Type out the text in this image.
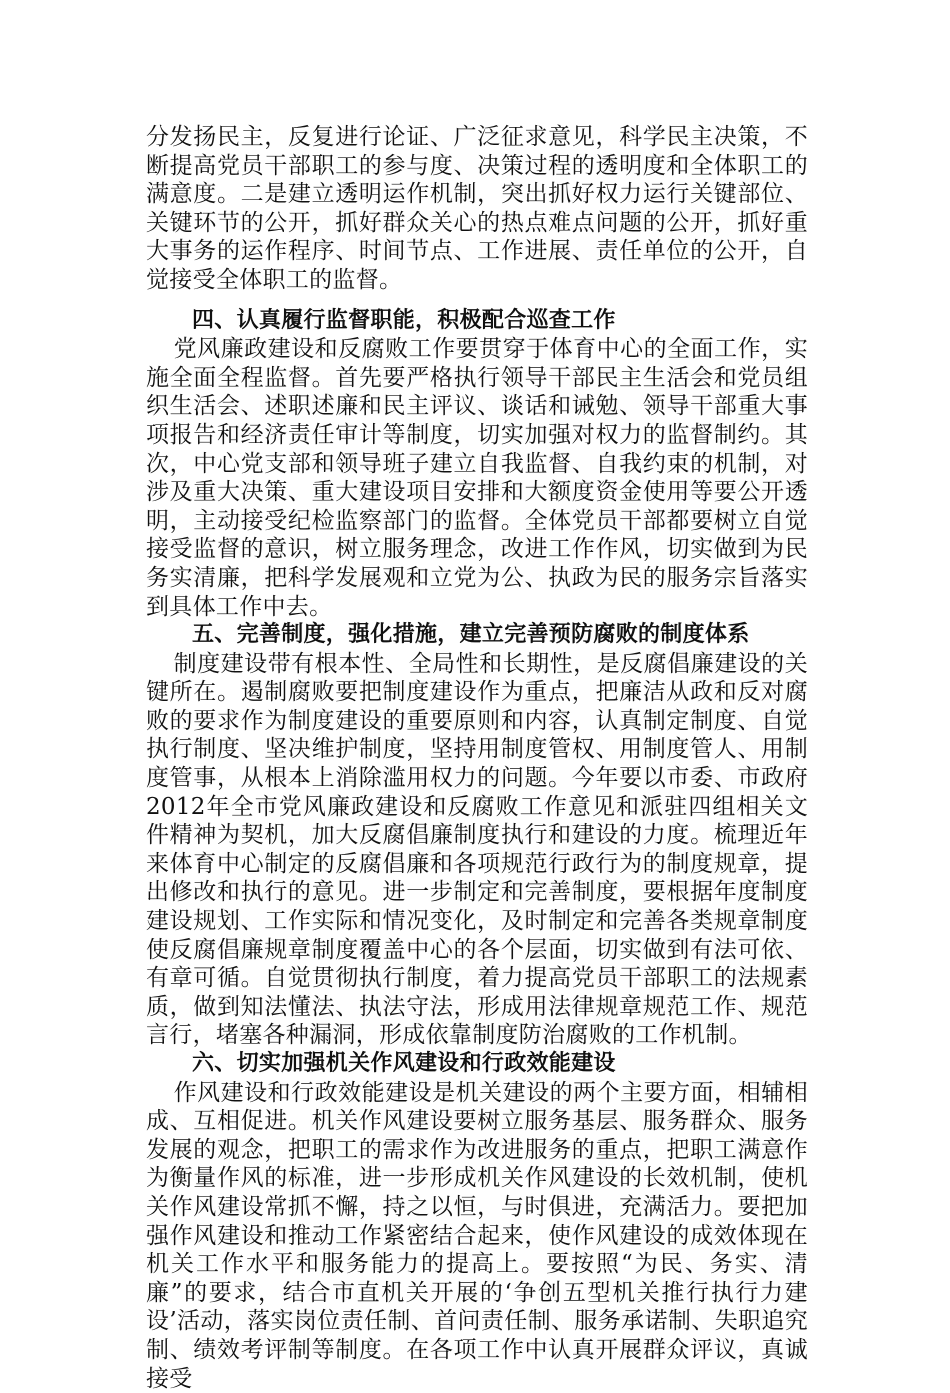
分发扬民主，反复进行论证、广泛征求意见，科学民主决策，不断提高党员干部职工的参与度、决策过程的透明度和全体职工的满意度。二是建立透明运作机制，突出抓好权力运行关键部位、关键环节的公开，抓好群众关心的热点难点问题的公开，抓好重大事务的运作程序、时间节点、工作进展、责任单位的公开，自觉接受全体职工的监督。

四、认真履行监督职能，积极配合巡查工作

党风廉政建设和反腐败工作要贯穿于体育中心的全面工作，实施全面全程监督。首先要严格执行领导干部民主生活会和党员组织生活会、述职述廉和民主评议、谈话和诫勉、领导干部重大事项报告和经济责任审计等制度，切实加强对权力的监督制约。其次，中心党支部和领导班子建立自我监督、自我约束的机制，对涉及重大决策、重大建设项目安排和大额度资金使用等要公开透明，主动接受纪检监察部门的监督。全体党员干部都要树立自觉接受监督的意识，树立服务理念，改进工作作风，切实做到为民务实清廉，把科学发展观和立党为公、执政为民的服务宗旨落实到具体工作中去。

五、完善制度，强化措施，建立完善预防腐败的制度体系

制度建设带有根本性、全局性和长期性，是反腐倡廉建设的关键所在。遏制腐败要把制度建设作为重点，把廉洁从政和反对腐败的要求作为制度建设的重要原则和内容，认真制定制度、自觉执行制度、坚决维护制度，坚持用制度管权、用制度管人、用制度管事，从根本上消除滥用权力的问题。今年要以市委、市政府2012年全市党风廉政建设和反腐败工作意见和派驻四组相关文件精神为契机，加大反腐倡廉制度执行和建设的力度。梳理近年来体育中心制定的反腐倡廉和各项规范行政行为的制度规章，提出修改和执行的意见。进一步制定和完善制度，要根据年度制度建设规划、工作实际和情况变化，及时制定和完善各类规章制度使反腐倡廉规章制度覆盖中心的各个层面，切实做到有法可依、有章可循。自觉贯彻执行制度，着力提高党员干部职工的法规素质，做到知法懂法、执法守法，形成用法律规章规范工作、规范言行，堵塞各种漏洞，形成依靠制度防治腐败的工作机制。

六、切实加强机关作风建设和行政效能建设

作风建设和行政效能建设是机关建设的两个主要方面，相辅相成、互相促进。机关作风建设要树立服务基层、服务群众、服务发展的观念，把职工的需求作为改进服务的重点，把职工满意作为衡量作风的标准，进一步形成机关作风建设的长效机制，使机关作风建设常抓不懈，持之以恒，与时俱进，充满活力。要把加强作风建设和推动工作紧密结合起来，使作风建设的成效体现在机关工作水平和服务能力的提高上。要按照“为民、务实、清廉”的要求，结合市直机关开展的‘争创五型机关推行执行力建设’活动，落实岗位责任制、首问责任制、服务承诺制、失职追究制、绩效考评制等制度。在各项工作中认真开展群众评议，真诚接受
